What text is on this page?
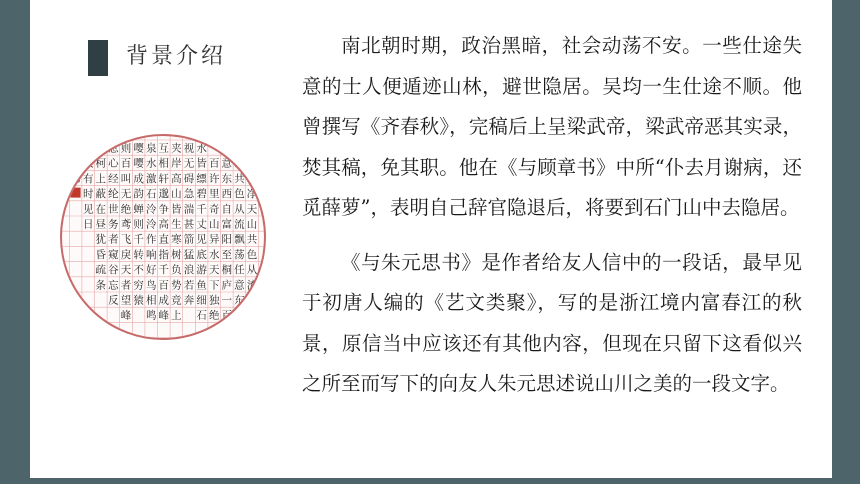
背景介绍
风
烟
俱
净
天
山
共
色
从
流
飘
荡
天
山
共
色
从
流
飘
荡
任
意
东
西
任
意
东
西
自
富
阳
至
桐
庐
一
百
一
百
许
里
奇
山
异
水
天
下
独
绝
水
皆
缥
碧
千
丈
见
底
游
鱼
细
石
视
无
碍
急
湍
甚
箭
猛
浪
若
奔
夹
岸
高
山
皆
生
寒
树
负
势
竞
上
互
相
轩
邈
争
高
直
指
千
百
成
峰
泉
水
激
石
泠
泠
作
响
好
鸟
相
鸣
嘤
嘤
成
韵
蝉
则
千
转
不
穷
猿
则
百
叫
无
绝
鸢
飞
戾
天
者
望
峰
息
心
经
纶
世
务
者
窥
谷
忘
反
横
柯
上
蔽
在
昼
犹
昏
疏
条
交
映
有
时
见
日
吴
均
书

南北朝时期，政治黑暗，社会动荡不安。一些仕途失意的士人便遁迹山林，避世隐居。吴均一生仕途不顺。他曾撰写《齐春秋》，完稿后上呈梁武帝，梁武帝恶其实录，焚其稿，免其职。他在《与顾章书》中所“仆去月谢病，还觅薛萝”，表明自己辞官隐退后，将要到石门山中去隐居。

《与朱元思书》是作者给友人信中的一段话，最早见于初唐人编的《艺文类聚》，写的是浙江境内富春江的秋景，原信当中应该还有其他内容，但现在只留下这看似兴之所至而写下的向友人朱元思述说山川之美的一段文字。
